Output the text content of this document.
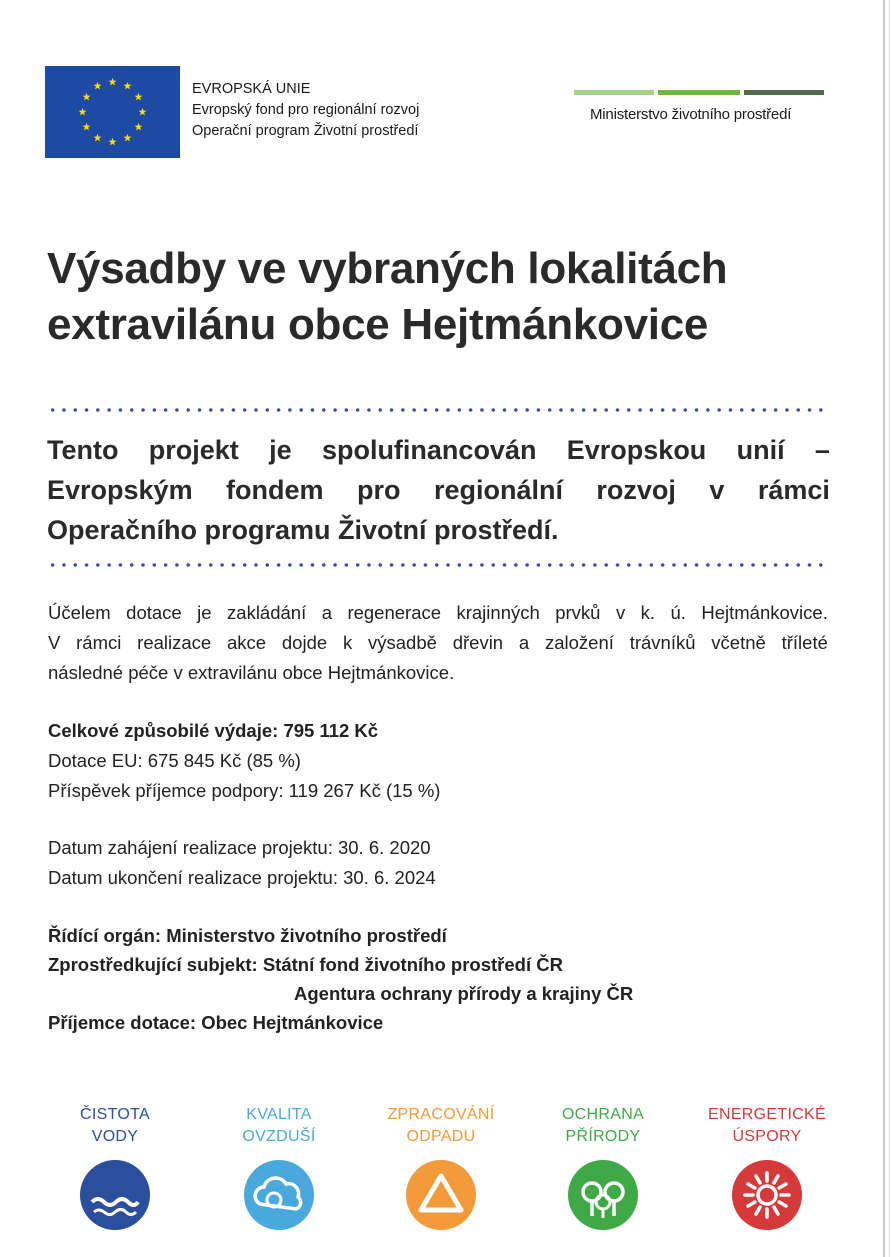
EVROPSKÁ UNIE
Evropský fond pro regionální rozvoj
Operační program Životní prostředí
Ministerstvo životního prostředí
Výsadby ve vybraných lokalitách
extravilánu obce Hejtmánkovice
Tento projekt je spolufinancován Evropskou unií –
Evropským fondem pro regionální rozvoj v rámci
Operačního programu Životní prostředí.
Účelem dotace je zakládání a regenerace krajinných prvků v k. ú. Hejtmánkovice.
V rámci realizace akce dojde k výsadbě dřevin a založení trávníků včetně tříleté
následné péče v extravilánu obce Hejtmánkovice.
Celkové způsobilé výdaje: 795 112 Kč
Dotace EU: 675 845 Kč (85 %)
Příspěvek příjemce podpory: 119 267 Kč (15 %)
Datum zahájení realizace projektu: 30. 6. 2020
Datum ukončení realizace projektu: 30. 6. 2024
Řídící orgán: Ministerstvo životního prostředí
Zprostředkující subjekt: Státní fond životního prostředí ČR
Agentura ochrany přírody a krajiny ČR
Příjemce dotace: Obec Hejtmánkovice
ČISTOTA
VODY
KVALITA
OVZDUŠÍ
ZPRACOVÁNÍ
ODPADU
OCHRANA
PŘÍRODY
ENERGETICKÉ
ÚSPORY
